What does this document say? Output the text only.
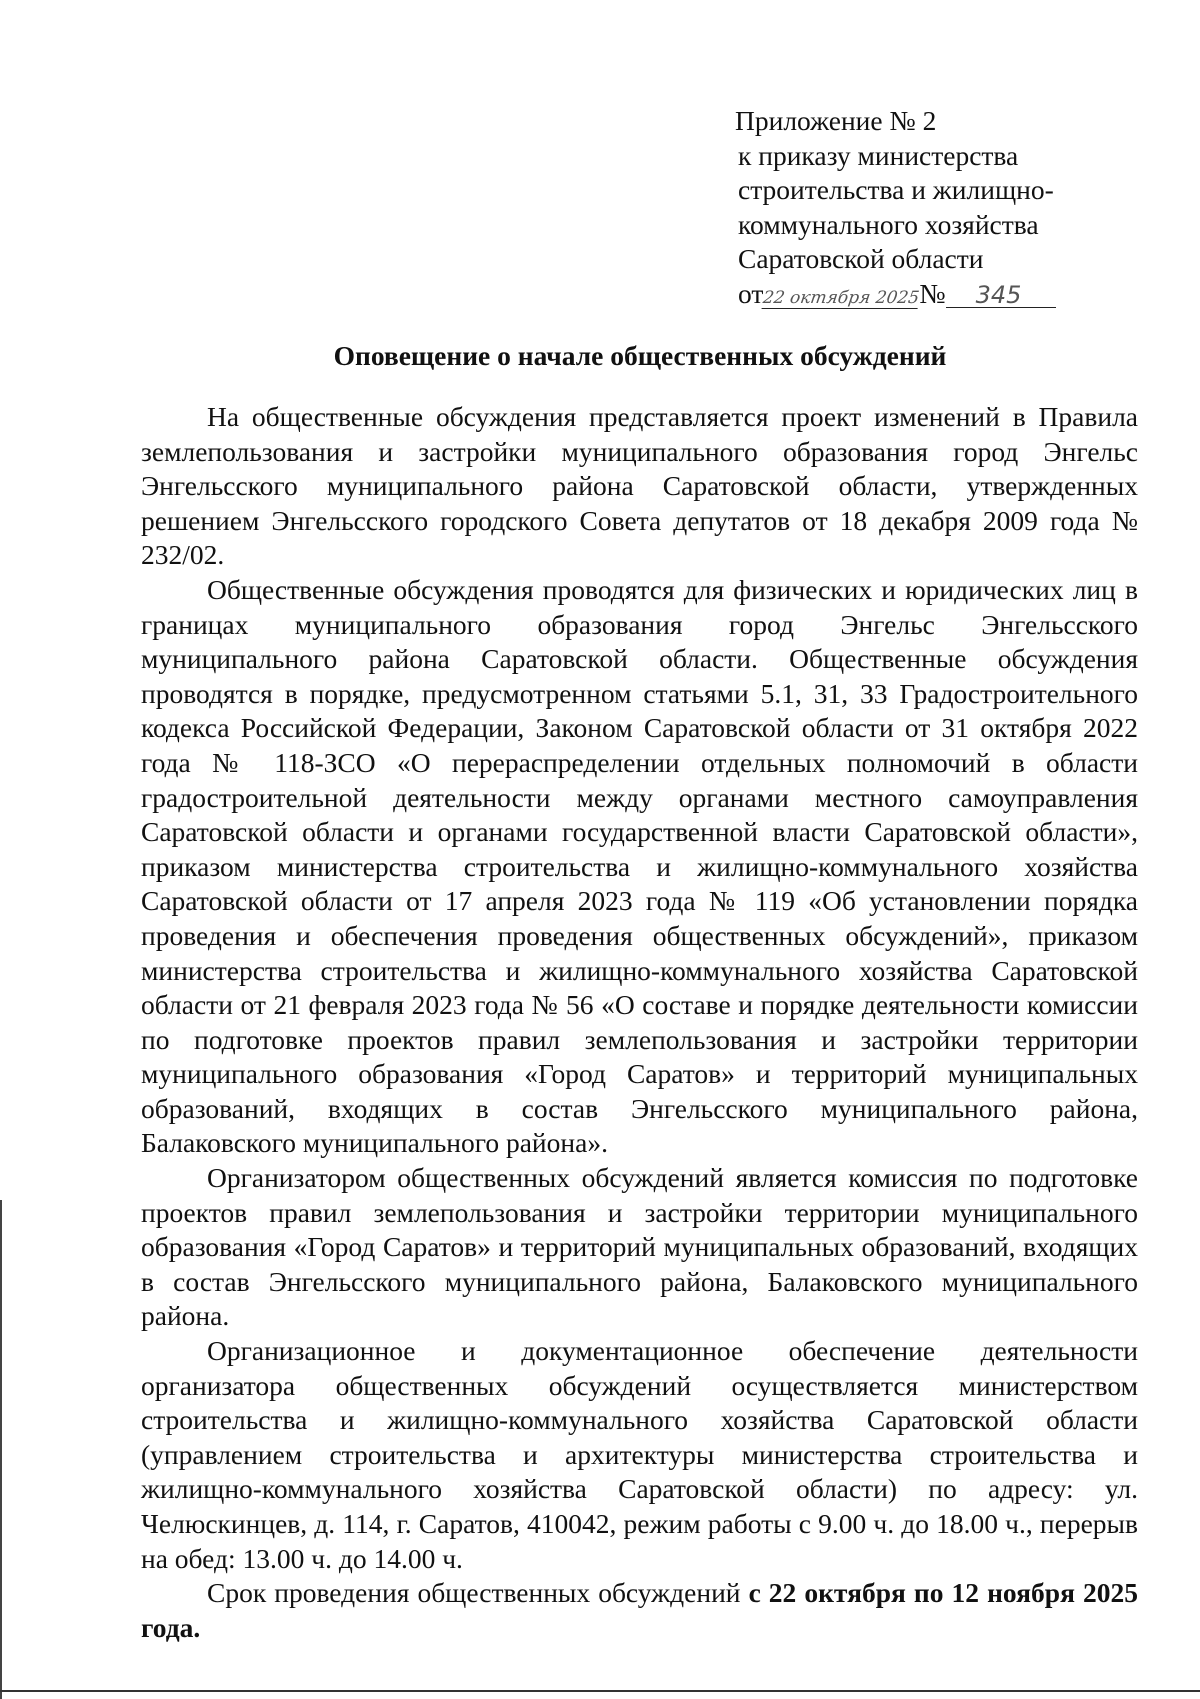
Приложение № 2
к приказу министерства
строительства и жилищно-
коммунального хозяйства
Саратовской области
от22 октября 2025№ 345
Оповещение о начале общественных обсуждений

На общественные обсуждения представляется проект изменений в Правила землепользования и застройки муниципального образования город Энгельс Энгельсского муниципального района Саратовской области, утвержденных решением Энгельсского городского Совета депутатов от 18 декабря 2009 года № 232/02.

Общественные обсуждения проводятся для физических и юридических лиц в границах муниципального образования город Энгельс Энгельсского муниципального района Саратовской области. Общественные обсуждения проводятся в порядке, предусмотренном статьями 5.1, 31, 33 Градостроительного кодекса Российской Федерации, Законом Саратовской области от 31 октября 2022 года № 118-ЗСО «О перераспределении отдельных полномочий в области градостроительной деятельности между органами местного самоуправления Саратовской области и органами государственной власти Саратовской области», приказом министерства строительства и жилищно-коммунального хозяйства Саратовской области от 17 апреля 2023 года № 119 «Об установлении порядка проведения и обеспечения проведения общественных обсуждений», приказом министерства строительства и жилищно-коммунального хозяйства Саратовской области от 21 февраля 2023 года № 56 «О составе и порядке деятельности комиссии по подготовке проектов правил землепользования и застройки территории муниципального образования «Город Саратов» и территорий муниципальных образований, входящих в состав Энгельсского муниципального района, Балаковского муниципального района».

Организатором общественных обсуждений является комиссия по подготовке проектов правил землепользования и застройки территории муниципального образования «Город Саратов» и территорий муниципальных образований, входящих в состав Энгельсского муниципального района, Балаковского муниципального района.

Организационное и документационное обеспечение деятельности организатора общественных обсуждений осуществляется министерством строительства и жилищно-коммунального хозяйства Саратовской области (управлением строительства и архитектуры министерства строительства и жилищно-коммунального хозяйства Саратовской области) по адресу: ул. Челюскинцев, д. 114, г. Саратов, 410042, режим работы с 9.00 ч. до 18.00 ч., перерыв на обед: 13.00 ч. до 14.00 ч.

Срок проведения общественных обсуждений с 22 октября по 12 ноября 2025 года.
